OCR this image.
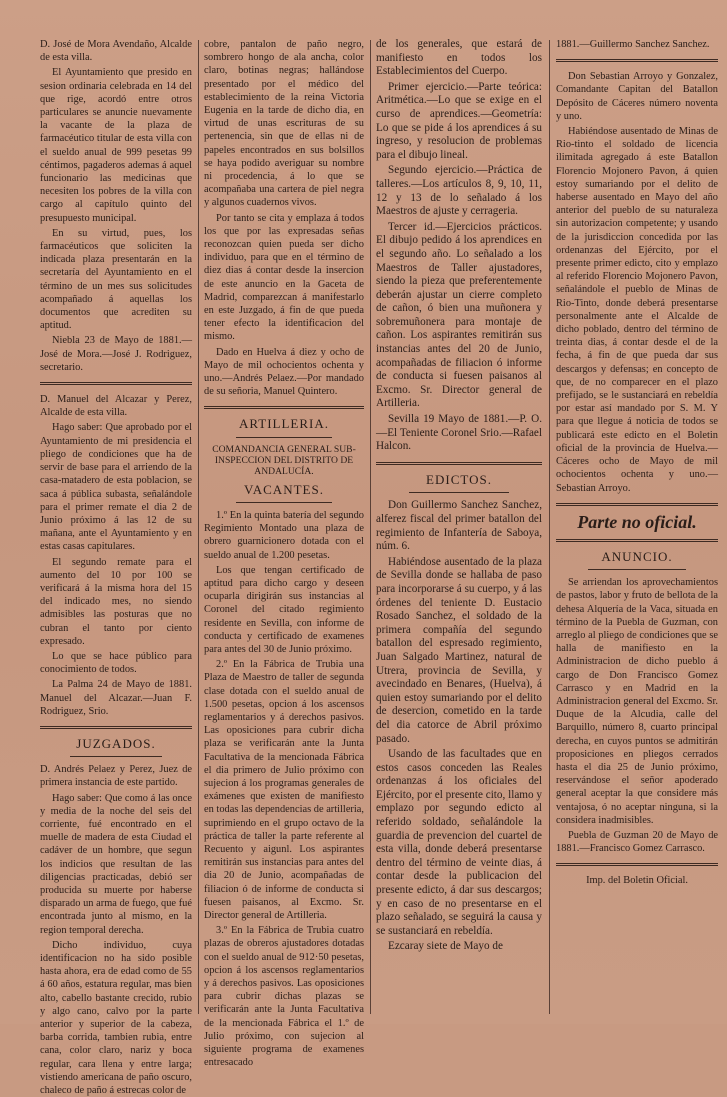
D. José de Mora Avendaño, Alcalde de esta villa.

El Ayuntamiento que presido en sesion ordinaria celebrada en 14 del que rige, acordó entre otros particulares se anuncie nuevamente la vacante de la plaza de farmacéutico titular de esta villa con el sueldo anual de 999 pesetas 99 céntimos, pagaderos ademas á aquel funcionario las medicinas que necesiten los pobres de la villa con cargo al capítulo quinto del presupuesto municipal.

En su virtud, pues, los farmacéuticos que soliciten la indicada plaza presentarán en la secretaría del Ayuntamiento en el término de un mes sus solicitudes acompañado á aquellas los documentos que acrediten su aptitud.

Niebla 23 de Mayo de 1881.—José de Mora.—José J. Rodriguez, secretario.

D. Manuel del Alcazar y Perez, Alcalde de esta villa.

Hago saber: Que aprobado por el Ayuntamiento de mi presidencia el pliego de condiciones que ha de servir de base para el arriendo de la casa-matadero de esta poblacion, se saca á pública subasta, señalándole para el primer remate el dia 2 de Junio próximo á las 12 de su mañana, ante el Ayuntamiento y en estas casas capitulares.

El segundo remate para el aumento del 10 por 100 se verificará á la misma hora del 15 del indicado mes, no siendo admisibles las posturas que no cubran el tanto por ciento expresado.

Lo que se hace público para conocimiento de todos.

La Palma 24 de Mayo de 1881. Manuel del Alcazar.—Juan F. Rodriguez, Srio.

JUZGADOS.

D. Andrés Pelaez y Perez, Juez de primera instancia de este partido.

Hago saber: Que como á las once y media de la noche del seis del corriente, fué encontrado en el muelle de madera de esta Ciudad el cadáver de un hombre, que segun los indicios que resultan de las diligencias practicadas, debió ser producida su muerte por haberse disparado un arma de fuego, que fué encontrada junto al mismo, en la region temporal derecha.

Dicho individuo, cuya identificacion no ha sido posible hasta ahora, era de edad como de 55 á 60 años, estatura regular, mas bien alto, cabello bastante crecido, rubio y algo cano, calvo por la parte anterior y superior de la cabeza, barba corrida, tambien rubia, entre cana, color claro, nariz y boca regular, cara llena y entre larga; vistiendo americana de paño oscuro, chaleco de paño á estrecas color de

cobre, pantalon de paño negro, sombrero hongo de ala ancha, color claro, botinas negras; hallándose presentado por el médico del establecimiento de la reina Victoria Eugenia en la tarde de dicho dia, en virtud de unas escrituras de su pertenencia, sin que de ellas ni de papeles encontrados en sus bolsillos se haya podido averiguar su nombre ni procedencia, á lo que se acompañaba una cartera de piel negra y algunos cuadernos vivos.

Por tanto se cita y emplaza á todos los que por las expresadas señas reconozcan quien pueda ser dicho individuo, para que en el término de diez dias á contar desde la insercion de este anuncio en la Gaceta de Madrid, comparezcan á manifestarlo en este Juzgado, á fin de que pueda tener efecto la identificacion del mismo.

Dado en Huelva á diez y ocho de Mayo de mil ochocientos ochenta y uno.—Andrés Pelaez.—Por mandado de su señoria, Manuel Quintero.

ARTILLERIA.
COMANDANCIA GENERAL SUB-INSPECCION DEL DISTRITO DE ANDALUCÍA.
VACANTES.

1.º En la quinta batería del segundo Regimiento Montado una plaza de obrero guarnicionero dotada con el sueldo anual de 1.200 pesetas.

Los que tengan certificado de aptitud para dicho cargo y deseen ocuparla dirigirán sus instancias al Coronel del citado regimiento residente en Sevilla, con informe de conducta y certificado de examenes para antes del 30 de Junio próximo.

2.º En la Fábrica de Trubia una Plaza de Maestro de taller de segunda clase dotada con el sueldo anual de 1.500 pesetas, opcion á los ascensos reglamentarios y á derechos pasivos. Las oposiciones para cubrir dicha plaza se verificarán ante la Junta Facultativa de la mencionada Fábrica el dia primero de Julio próximo con sujecion á los programas generales de exámenes que existen de manifiesto en todas las dependencias de artilleria, suprimiendo en el grupo octavo de la práctica de taller la parte referente al Recuento y aigunl. Los aspirantes remitirán sus instancias para antes del dia 20 de Junio, acompañadas de filiacion ó de informe de conducta si fuesen paisanos, al Excmo. Sr. Director general de Artilleria.

3.º En la Fábrica de Trubia cuatro plazas de obreros ajustadores dotadas con el sueldo anual de 912·50 pesetas, opcion á los ascensos reglamentarios y á derechos pasivos. Las oposiciones para cubrir dichas plazas se verificarán ante la Junta Facultativa de la mencionada Fábrica el 1.º de Julio próximo, con sujecion al siguiente programa de examenes entresacado

de los generales, que estará de manifiesto en todos los Establecimientos del Cuerpo.

Primer ejercicio.—Parte teórica: Aritmética.—Lo que se exige en el curso de aprendices.—Geometría: Lo que se pide á los aprendices á su ingreso, y resolucion de problemas para el dibujo lineal.

Segundo ejercicio.—Práctica de talleres.—Los artículos 8, 9, 10, 11, 12 y 13 de lo señalado á los Maestros de ajuste y cerrageria.

Tercer id.—Ejercicios prácticos. El dibujo pedido á los aprendices en el segundo año. Lo señalado a los Maestros de Taller ajustadores, siendo la pieza que preferentemente deberán ajustar un cierre completo de cañon, ó bien una muñonera y sobremuñonera para montaje de cañon. Los aspirantes remitirán sus instancias antes del 20 de Junio, acompañadas de filiacion ó informe de conducta si fuesen paisanos al Excmo. Sr. Director general de Artilleria.

Sevilla 19 Mayo de 1881.—P. O.—El Teniente Coronel Srio.—Rafael Halcon.

EDICTOS.

Don Guillermo Sanchez Sanchez, alferez fiscal del primer batallon del regimiento de Infantería de Saboya, núm. 6.

Habiéndose ausentado de la plaza de Sevilla donde se hallaba de paso para incorporarse á su cuerpo, y á las órdenes del teniente D. Eustacio Rosado Sanchez, el soldado de la primera compañía del segundo batallon del espresado regimiento, Juan Salgado Martinez, natural de Utrera, provincia de Sevilla, y avecindado en Benares, (Huelva), á quien estoy sumariando por el delito de desercion, cometido en la tarde del dia catorce de Abril próximo pasado.

Usando de las facultades que en estos casos conceden las Reales ordenanzas á los oficiales del Ejército, por el presente cito, llamo y emplazo por segundo edicto al referido soldado, señalándole la guardia de prevencion del cuartel de esta villa, donde deberá presentarse dentro del término de veinte dias, á contar desde la publicacion del presente edicto, á dar sus descargos; y en caso de no presentarse en el plazo señalado, se seguirá la causa y se sustanciará en rebeldía.

Ezcaray siete de Mayo de

1881.—Guillermo Sanchez Sanchez.

Don Sebastian Arroyo y Gonzalez, Comandante Capitan del Batallon Depósito de Cáceres número noventa y uno.

Habiéndose ausentado de Minas de Rio-tinto el soldado de licencia ilimitada agregado á este Batallon Florencio Mojonero Pavon, á quien estoy sumariando por el delito de haberse ausentado en Mayo del año anterior del pueblo de su naturaleza sin autorizacion competente; y usando de la jurisdiccion concedida por las ordenanzas del Ejército, por el presente primer edicto, cito y emplazo al referido Florencio Mojonero Pavon, señalándole el pueblo de Minas de Rio-Tinto, donde deberá presentarse personalmente ante el Alcalde de dicho poblado, dentro del término de treinta dias, á contar desde el de la fecha, á fin de que pueda dar sus descargos y defensas; en concepto de que, de no comparecer en el plazo prefijado, se le sustanciará en rebeldía por estar así mandado por S. M. Y para que llegue á noticia de todos se publicará este edicto en el Boletin oficial de la provincia de Huelva.—Cáceres ocho de Mayo de mil ochocientos ochenta y uno.—Sebastian Arroyo.

Parte no oficial.
ANUNCIO.

Se arriendan los aprovechamientos de pastos, labor y fruto de bellota de la dehesa Alquería de la Vaca, situada en término de la Puebla de Guzman, con arreglo al pliego de condiciones que se halla de manifiesto en la Administracion de dicho pueblo á cargo de Don Francisco Gomez Carrasco y en Madrid en la Administracion general del Excmo. Sr. Duque de la Alcudia, calle del Barquillo, número 8, cuarto principal derecha, en cuyos puntos se admitirán proposiciones en pliegos cerrados hasta el dia 25 de Junio próximo, reservándose el señor apoderado general aceptar la que considere más ventajosa, ó no aceptar ninguna, si la considera inadmisibles.

Puebla de Guzman 20 de Mayo de 1881.—Francisco Gomez Carrasco.

Imp. del Boletin Oficial.
